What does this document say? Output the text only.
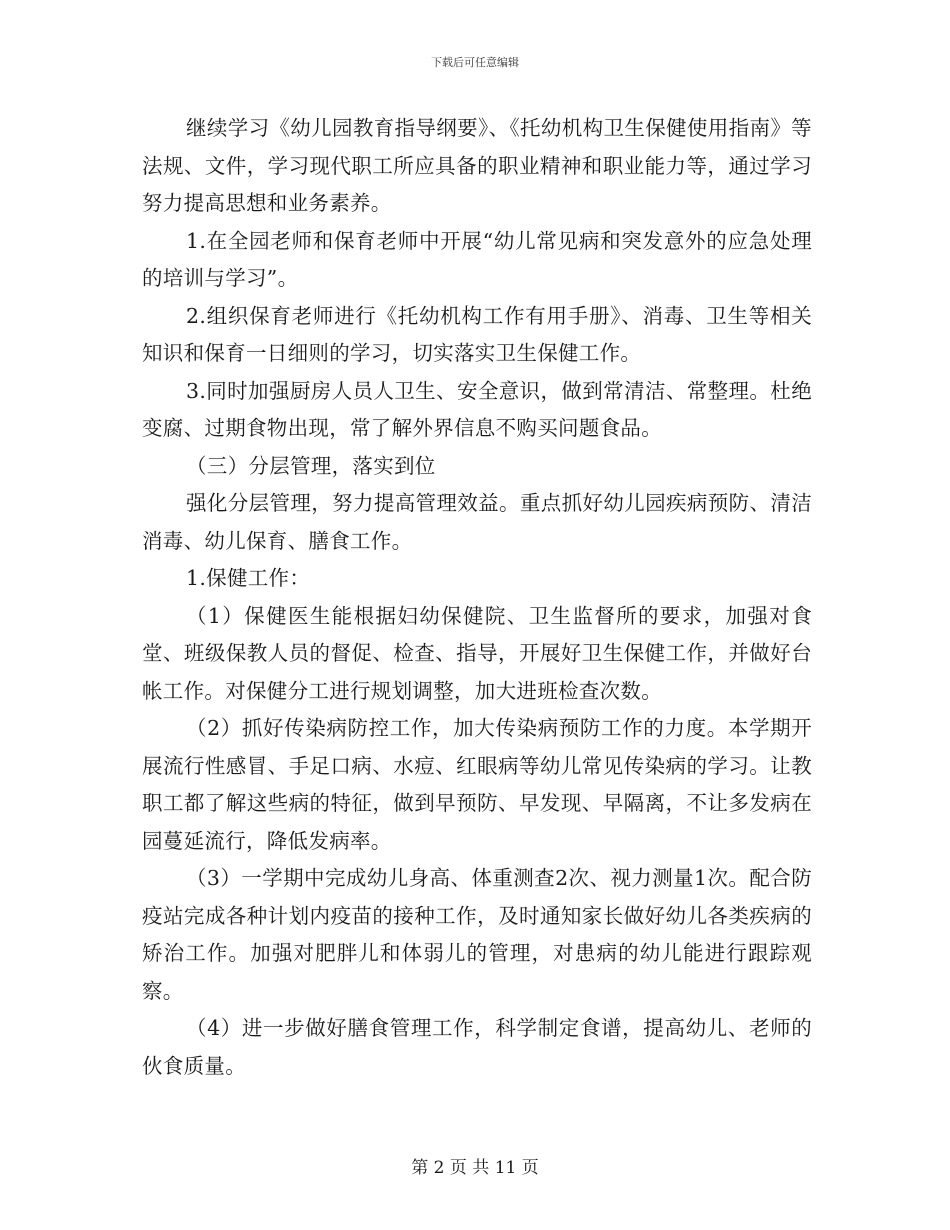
下载后可任意编辑

继续学习《幼儿园教育指导纲要》、《托幼机构卫生保健使用指南》等法规、文件，学习现代职工所应具备的职业精神和职业能力等，通过学习努力提高思想和业务素养。

1.在全园老师和保育老师中开展“幼儿常见病和突发意外的应急处理的培训与学习”。

2.组织保育老师进行《托幼机构工作有用手册》、消毒、卫生等相关知识和保育一日细则的学习，切实落实卫生保健工作。

3.同时加强厨房人员人卫生、安全意识，做到常清洁、常整理。杜绝变腐、过期食物出现，常了解外界信息不购买问题食品。

（三）分层管理，落实到位

强化分层管理，努力提高管理效益。重点抓好幼儿园疾病预防、清洁消毒、幼儿保育、膳食工作。

1.保健工作：

（1）保健医生能根据妇幼保健院、卫生监督所的要求，加强对食堂、班级保教人员的督促、检查、指导，开展好卫生保健工作，并做好台帐工作。对保健分工进行规划调整，加大进班检查次数。

（2）抓好传染病防控工作，加大传染病预防工作的力度。本学期开展流行性感冒、手足口病、水痘、红眼病等幼儿常见传染病的学习。让教职工都了解这些病的特征，做到早预防、早发现、早隔离，不让多发病在园蔓延流行，降低发病率。

（3）一学期中完成幼儿身高、体重测查2次、视力测量1次。配合防疫站完成各种计划内疫苗的接种工作，及时通知家长做好幼儿各类疾病的矫治工作。加强对肥胖儿和体弱儿的管理，对患病的幼儿能进行跟踪观察。

（4）进一步做好膳食管理工作，科学制定食谱，提高幼儿、老师的伙食质量。

第 2 页 共 11 页
